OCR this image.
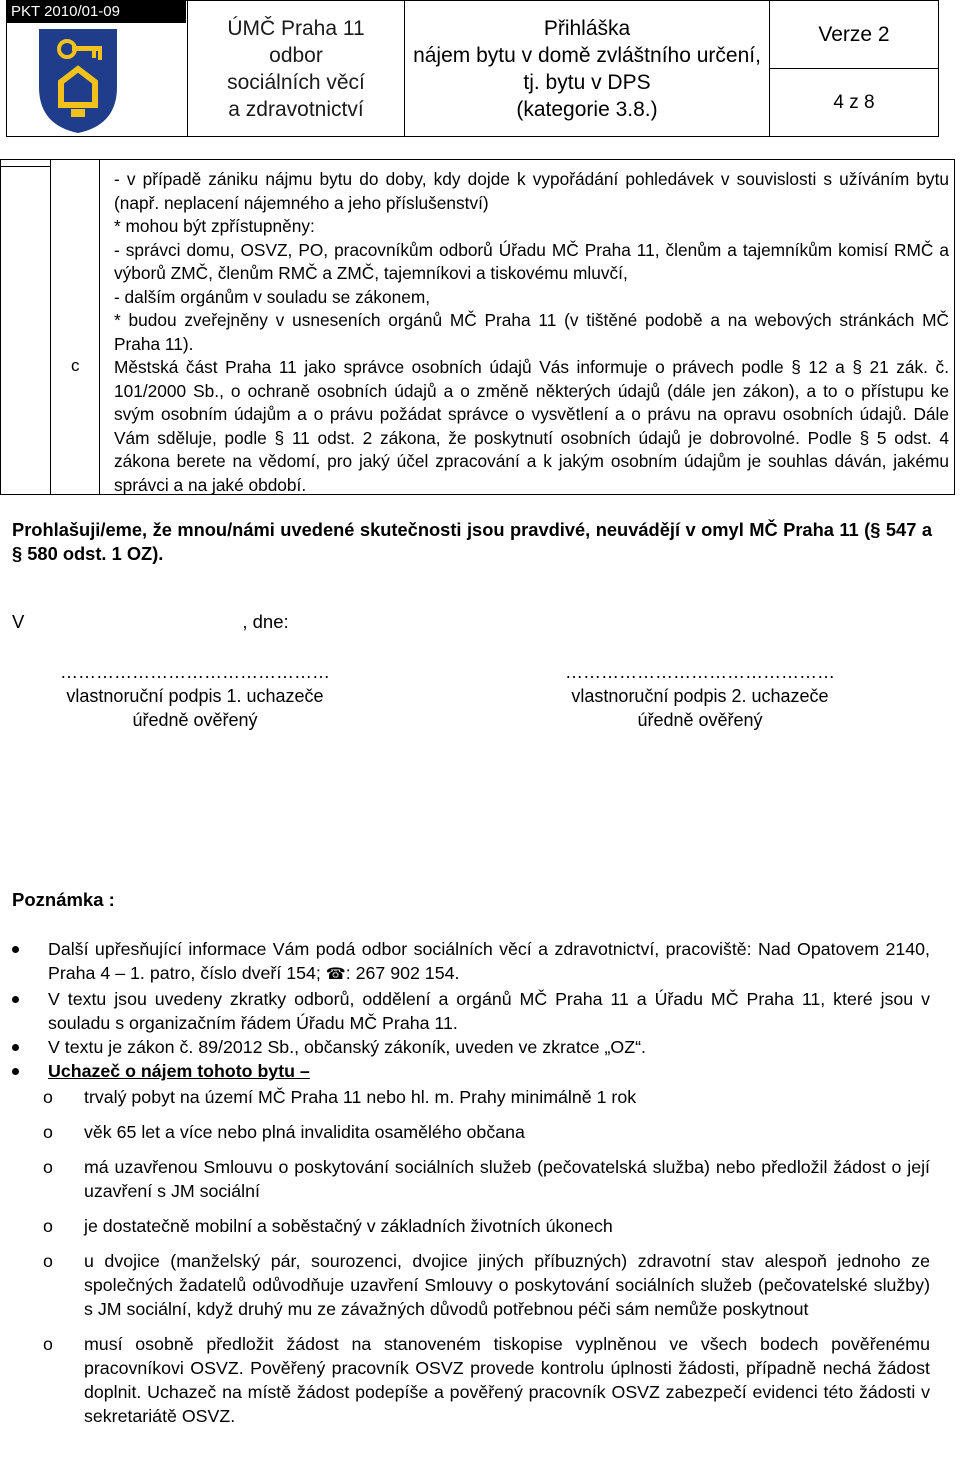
PKT 2010/01-09
ÚMČ Praha 11
odbor
sociálních věcí
a zdravotnictví
Přihláška
nájem bytu v domě zvláštního určení,
tj. bytu v DPS
(kategorie 3.8.)
Verze 2
4 z 8
c

- v případě zániku nájmu bytu do doby, kdy dojde k vypořádání pohledávek v souvislosti s užíváním bytu (např. neplacení nájemného a jeho příslušenství)

* mohou být zpřístupněny:

- správci domu, OSVZ, PO, pracovníkům odborů Úřadu MČ Praha 11, členům a tajemníkům komisí RMČ a výborů ZMČ, členům RMČ a ZMČ, tajemníkovi a tiskovému mluvčí,

- dalším orgánům v souladu se zákonem,

* budou zveřejněny v usneseních orgánů MČ Praha 11 (v tištěné podobě a na webových stránkách MČ Praha 11).

Městská část Praha 11 jako správce osobních údajů Vás informuje o právech podle § 12 a § 21 zák. č. 101/2000 Sb., o ochraně osobních údajů a o změně některých údajů (dále jen zákon), a to o přístupu ke svým osobním údajům a o právu požádat správce o vysvětlení a o právu na opravu osobních údajů. Dále Vám sděluje, podle § 11 odst. 2 zákona, že poskytnutí osobních údajů je dobrovolné. Podle § 5 odst. 4 zákona berete na vědomí, pro jaký účel zpracování a k jakým osobním údajům je souhlas dáván, jakému správci a na jaké období.

Prohlašuji/eme, že mnou/námi uvedené skutečnosti jsou pravdivé, neuvádějí v omyl MČ Praha 11 (§ 547 a § 580 odst. 1 OZ).
V	, dne:
………………………………………
vlastnoruční podpis 1. uchazeče
úředně ověřený
………………………………………
vlastnoruční podpis 2. uchazeče
úředně ověřený
Poznámka :

Další upřesňující informace Vám podá odbor sociálních věcí a zdravotnictví, pracoviště: Nad Opatovem 2140, Praha 4 – 1. patro, číslo dveří 154; ☎: 267 902 154.

V textu jsou uvedeny zkratky odborů, oddělení a orgánů MČ Praha 11 a Úřadu MČ Praha 11, které jsou v souladu s organizačním řádem Úřadu MČ Praha 11.

V textu je zákon č. 89/2012 Sb., občanský zákoník, uveden ve zkratce „OZ“.

Uchazeč o nájem tohoto bytu –

o trvalý pobyt na území MČ Praha 11 nebo hl. m. Prahy minimálně 1 rok

o věk 65 let a více nebo plná invalidita osamělého občana

o má uzavřenou Smlouvu o poskytování sociálních služeb (pečovatelská služba) nebo předložil žádost o její uzavření s JM sociální

o je dostatečně mobilní a soběstačný v základních životních úkonech

o u dvojice (manželský pár, sourozenci, dvojice jiných příbuzných) zdravotní stav alespoň jednoho ze společných žadatelů odůvodňuje uzavření Smlouvy o poskytování sociálních služeb (pečovatelské služby) s JM sociální, když druhý mu ze závažných důvodů potřebnou péči sám nemůže poskytnout

o musí osobně předložit žádost na stanoveném tiskopise vyplněnou ve všech bodech pověřenému pracovníkovi OSVZ. Pověřený pracovník OSVZ provede kontrolu úplnosti žádosti, případně nechá žádost doplnit. Uchazeč na místě žádost podepíše a pověřený pracovník OSVZ zabezpečí evidenci této žádosti v sekretariátě OSVZ.
